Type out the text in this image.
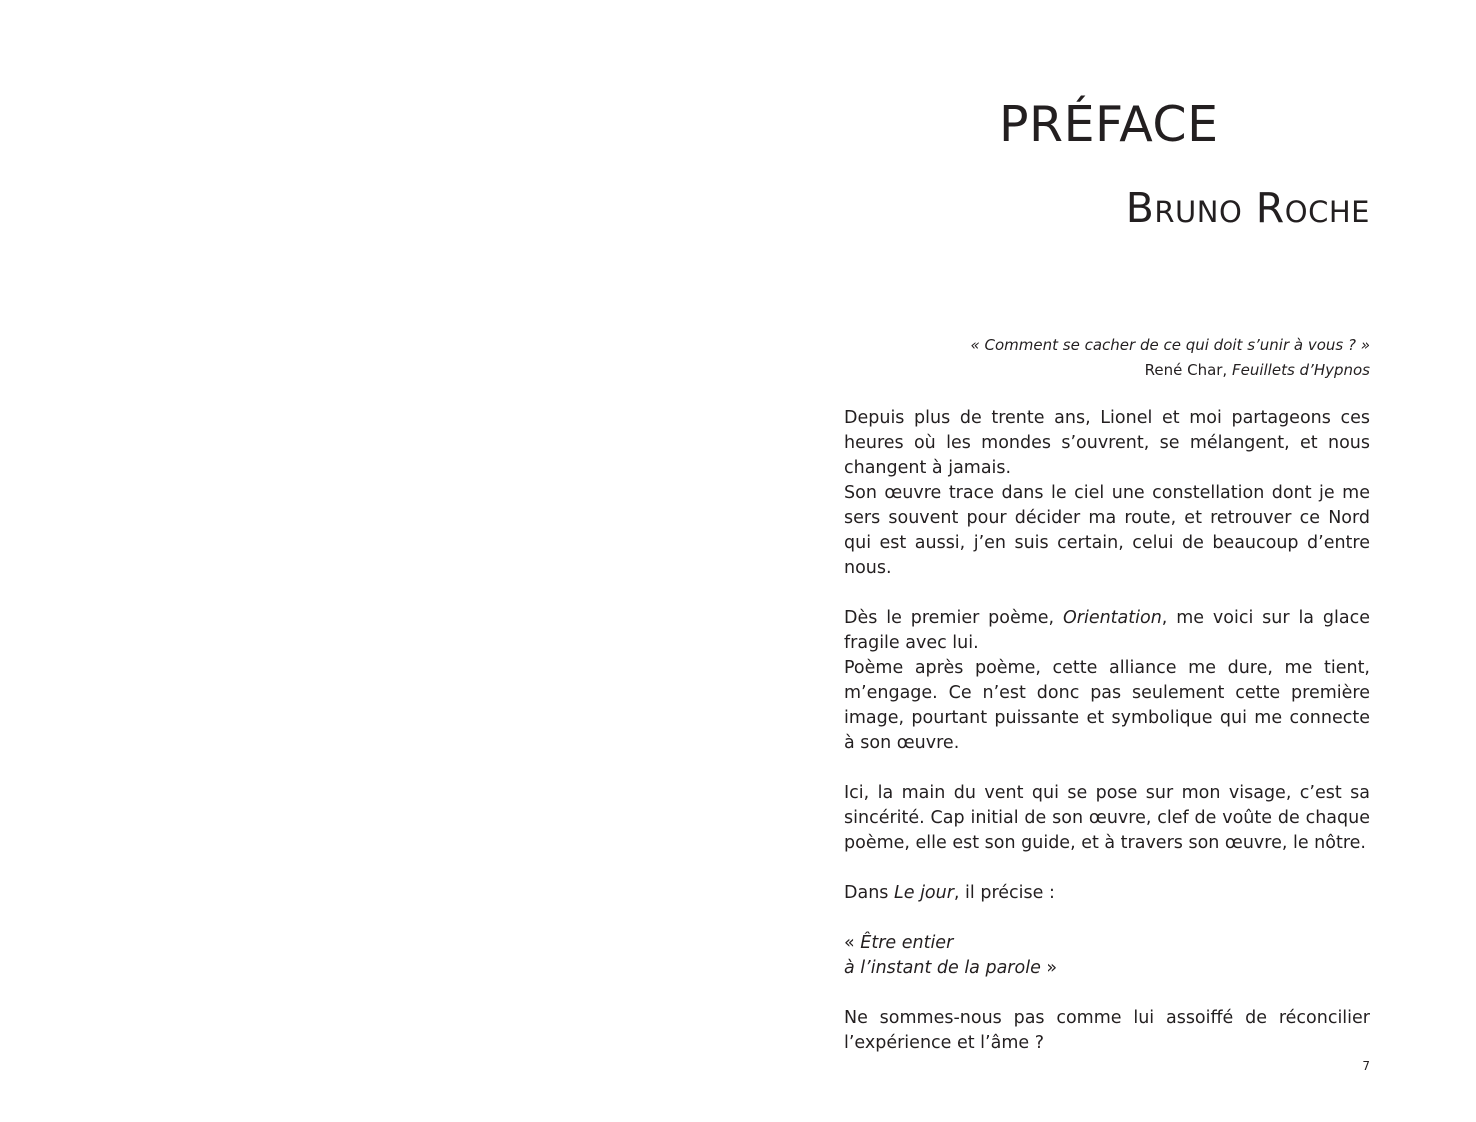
PRÉFACE
Bruno Roche
« Comment se cacher de ce qui doit s’unir à vous ? »
René Char, Feuillets d’Hypnos

Depuis plus de trente ans, Lionel et moi partageons ces heures où les mondes s’ouvrent, se mélangent, et nous changent à jamais.
Son œuvre trace dans le ciel une constellation dont je me sers souvent pour décider ma route, et retrouver ce Nord qui est aussi, j’en suis certain, celui de beaucoup d’entre nous.

Dès le premier poème, Orientation, me voici sur la glace fragile avec lui.
Poème après poème, cette alliance me dure, me tient, m’engage. Ce n’est donc pas seulement cette première image, pourtant puissante et symbolique qui me connecte à son œuvre.

Ici, la main du vent qui se pose sur mon visage, c’est sa sincérité. Cap initial de son œuvre, clef de voûte de chaque poème, elle est son guide, et à travers son œuvre, le nôtre.

Dans Le jour, il précise :

« Être entier
à l’instant de la parole »

Ne sommes-nous pas comme lui assoiffé de réconcilier l’expérience et l’âme ?

7
